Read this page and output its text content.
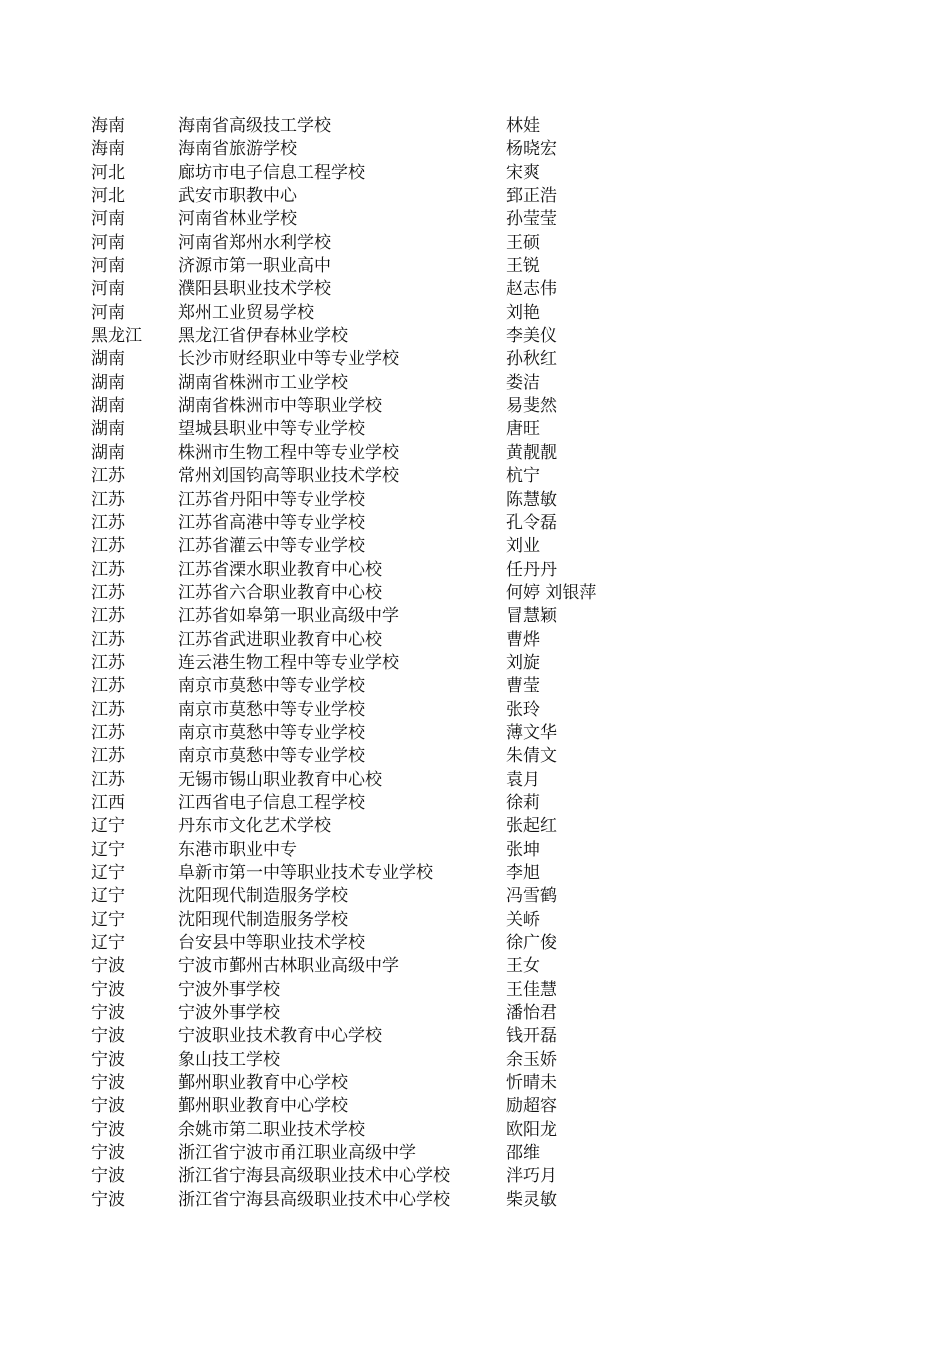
海南	海南省高级技工学校	林娃
海南	海南省旅游学校	杨晓宏
河北	廊坊市电子信息工程学校	宋爽
河北	武安市职教中心	郅正浩
河南	河南省林业学校	孙莹莹
河南	河南省郑州水利学校	王硕
河南	济源市第一职业高中	王锐
河南	濮阳县职业技术学校	赵志伟
河南	郑州工业贸易学校	刘艳
黑龙江 黑龙江省伊春林业学校	李美仪
湖南	长沙市财经职业中等专业学校	孙秋红
湖南	湖南省株洲市工业学校	娄洁
湖南	湖南省株洲市中等职业学校	易斐然
湖南	望城县职业中等专业学校	唐旺
湖南	株洲市生物工程中等专业学校	黄靓靓
江苏	常州刘国钧高等职业技术学校	杭宁
江苏	江苏省丹阳中等专业学校	陈慧敏
江苏	江苏省高港中等专业学校	孔令磊
江苏	江苏省灌云中等专业学校	刘业
江苏	江苏省溧水职业教育中心校	任丹丹
江苏	江苏省六合职业教育中心校	何婷 刘银萍
江苏	江苏省如皋第一职业高级中学	冒慧颖
江苏	江苏省武进职业教育中心校	曹烨
江苏	连云港生物工程中等专业学校	刘旋
江苏	南京市莫愁中等专业学校	曹莹
江苏	南京市莫愁中等专业学校	张玲
江苏	南京市莫愁中等专业学校	薄文华
江苏	南京市莫愁中等专业学校	朱倩文
江苏	无锡市锡山职业教育中心校	袁月
江西	江西省电子信息工程学校	徐莉
辽宁	丹东市文化艺术学校	张起红
辽宁	东港市职业中专	张坤
辽宁	阜新市第一中等职业技术专业学校	李旭
辽宁	沈阳现代制造服务学校	冯雪鹤
辽宁	沈阳现代制造服务学校	关峤
辽宁	台安县中等职业技术学校	徐广俊
宁波	宁波市鄞州古林职业高级中学	王女
宁波	宁波外事学校	王佳慧
宁波	宁波外事学校	潘怡君
宁波	宁波职业技术教育中心学校	钱开磊
宁波	象山技工学校	余玉娇
宁波	鄞州职业教育中心学校	忻晴未
宁波	鄞州职业教育中心学校	励超容
宁波	余姚市第二职业技术学校	欧阳龙
宁波	浙江省宁波市甬江职业高级中学	邵维
宁波	浙江省宁海县高级职业技术中心学校	泮巧月
宁波	浙江省宁海县高级职业技术中心学校	柴灵敏
